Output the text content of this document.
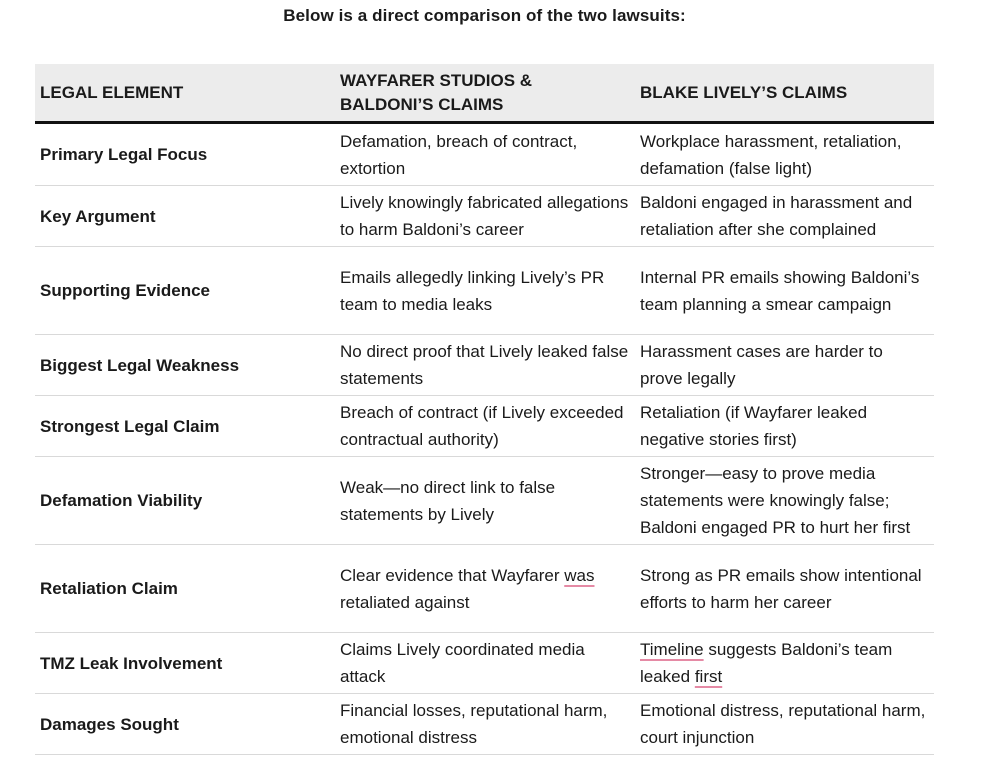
Below is a direct comparison of the two lawsuits:
LEGAL ELEMENT
WAYFARER STUDIOS & BALDONI’S CLAIMS
BLAKE LIVELY’S CLAIMS
Primary Legal Focus
Defamation, breach of contract, extortion
Workplace harassment, retaliation, defamation (false light)
Key Argument
Lively knowingly fabricated allegations to harm Baldoni’s career
Baldoni engaged in harassment and retaliation after she complained
Supporting Evidence
Emails allegedly linking Lively’s PR team to media leaks
Internal PR emails showing Baldoni’s team planning a smear campaign
Biggest Legal Weakness
No direct proof that Lively leaked false statements
Harassment cases are harder to prove legally
Strongest Legal Claim
Breach of contract (if Lively exceeded contractual authority)
Retaliation (if Wayfarer leaked negative stories first)
Defamation Viability
Weak—no direct link to false statements by Lively
Stronger—easy to prove media statements were knowingly false; Baldoni engaged PR to hurt her first
Retaliation Claim
Clear evidence that Wayfarer was retaliated against
Strong as PR emails show intentional efforts to harm her career
TMZ Leak Involvement
Claims Lively coordinated media attack
Timeline suggests Baldoni’s team leaked first
Damages Sought
Financial losses, reputational harm, emotional distress
Emotional distress, reputational harm, court injunction
